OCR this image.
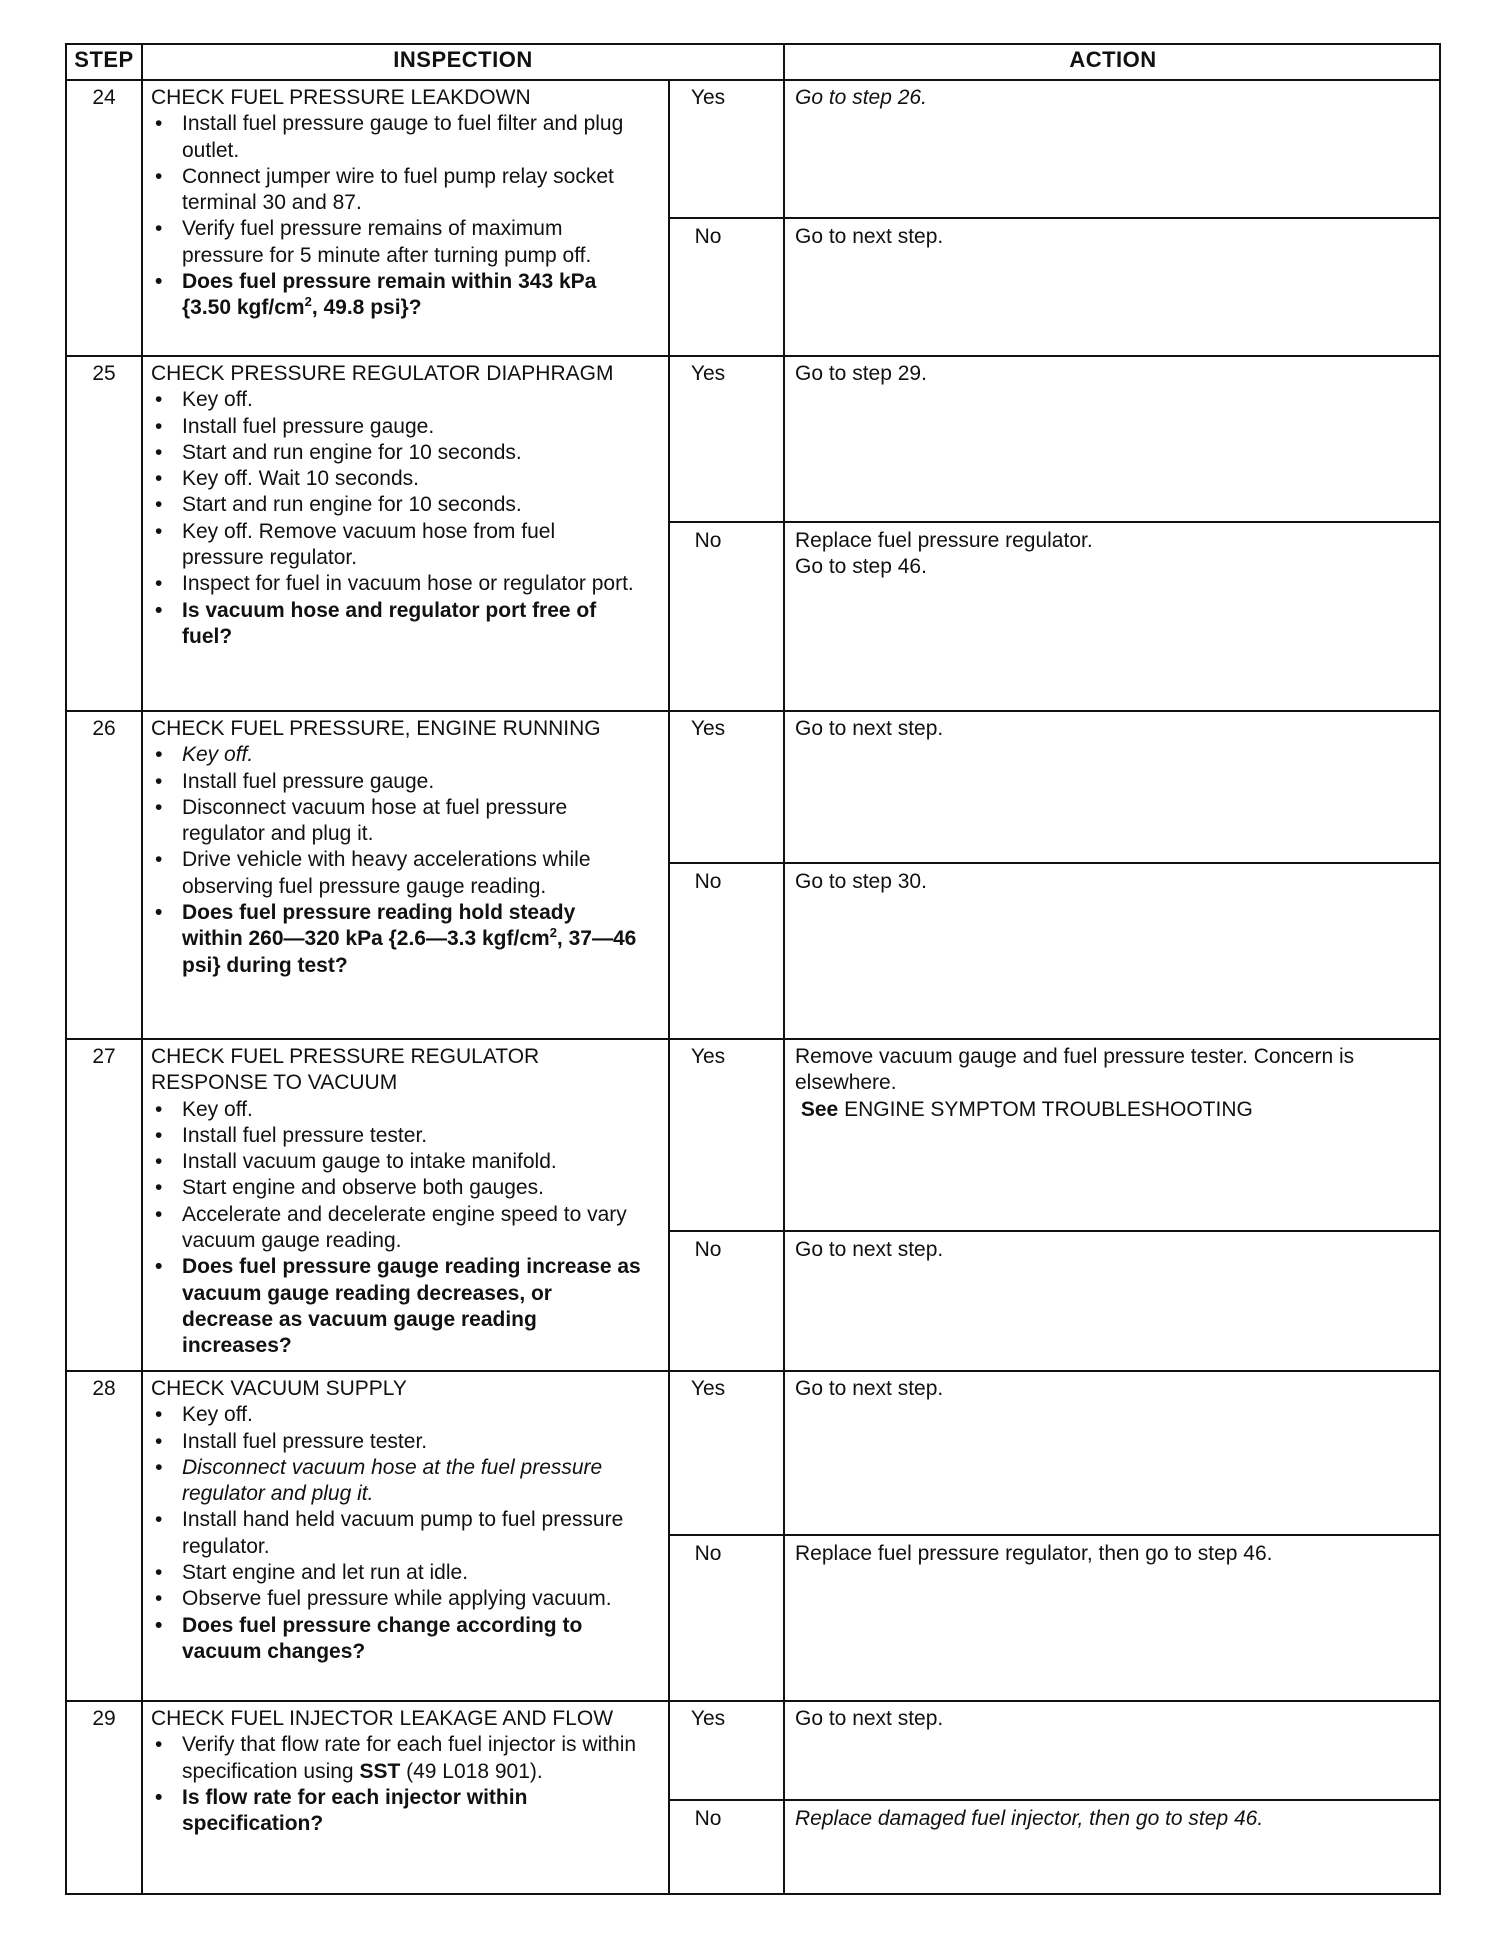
STEP	INSPECTION	ACTION
24	CHECK FUEL PRESSURE LEAKDOWN
• Install fuel pressure gauge to fuel filter and plug outlet.
• Connect jumper wire to fuel pump relay socket terminal 30 and 87.
• Verify fuel pressure remains of maximum pressure for 5 minute after turning pump off.
• Does fuel pressure remain within 343 kPa {3.50 kgf/$cm^2$, 49.8 psi}?
Yes	Go to step 26.
No	Go to next step.
25	CHECK PRESSURE REGULATOR DIAPHRAGM
• Key off.
• Install fuel pressure gauge.
• Start and run engine for 10 seconds.
• Key off. Wait 10 seconds.
• Start and run engine for 10 seconds.
• Key off. Remove vacuum hose from fuel pressure regulator.
• Inspect for fuel in vacuum hose or regulator port.
• Is vacuum hose and regulator port free of fuel?
Yes	Go to step 29.
No	Replace fuel pressure regulator.
Go to step 46.
26	CHECK FUEL PRESSURE, ENGINE RUNNING
• Key off.
• Install fuel pressure gauge.
• Disconnect vacuum hose at fuel pressure regulator and plug it.
• Drive vehicle with heavy accelerations while observing fuel pressure gauge reading.
• Does fuel pressure reading hold steady within 260—320 kPa {2.6—3.3 kgf/$cm^2$, 37—46 psi} during test?
Yes	Go to next step.
No	Go to step 30.
27	CHECK FUEL PRESSURE REGULATOR RESPONSE TO VACUUM
• Key off.
• Install fuel pressure tester.
• Install vacuum gauge to intake manifold.
• Start engine and observe both gauges.
• Accelerate and decelerate engine speed to vary vacuum gauge reading.
• Does fuel pressure gauge reading increase as vacuum gauge reading decreases, or decrease as vacuum gauge reading increases?
Yes	Remove vacuum gauge and fuel pressure tester. Concern is elsewhere.
See ENGINE SYMPTOM TROUBLESHOOTING
No	Go to next step.
28	CHECK VACUUM SUPPLY
• Key off.
• Install fuel pressure tester.
• Disconnect vacuum hose at the fuel pressure regulator and plug it.
• Install hand held vacuum pump to fuel pressure regulator.
• Start engine and let run at idle.
• Observe fuel pressure while applying vacuum.
• Does fuel pressure change according to vacuum changes?
Yes	Go to next step.
No	Replace fuel pressure regulator, then go to step 46.
29	CHECK FUEL INJECTOR LEAKAGE AND FLOW
• Verify that flow rate for each fuel injector is within specification using SST (49 L018 901).
• Is flow rate for each injector within specification?
Yes	Go to next step.
No	Replace damaged fuel injector, then go to step 46.
